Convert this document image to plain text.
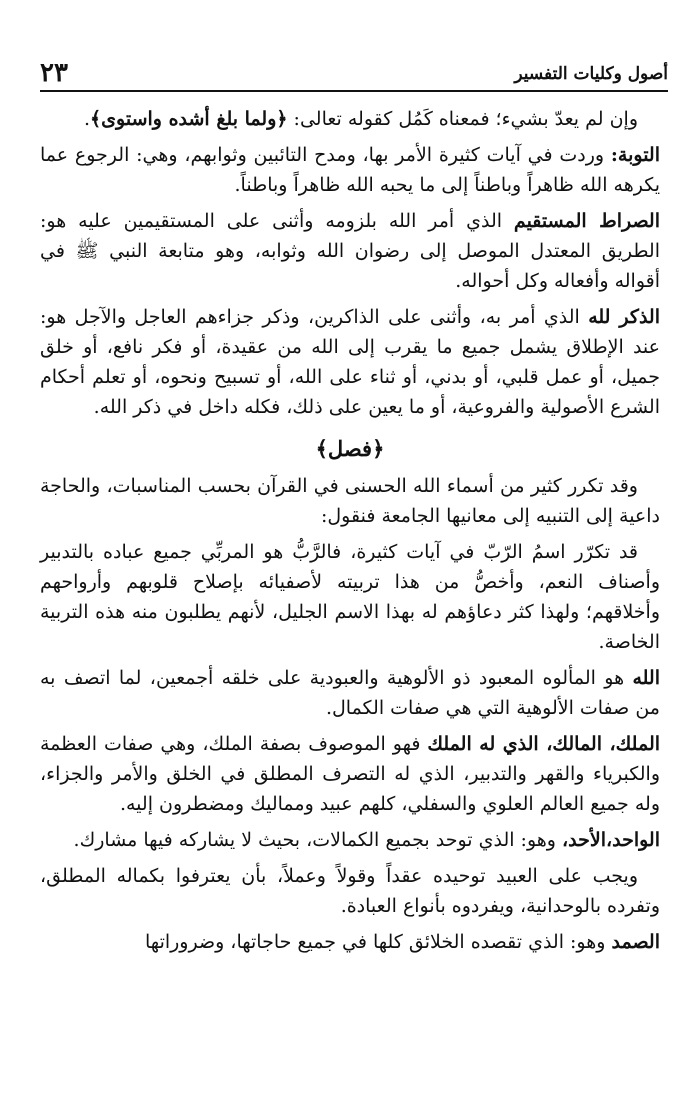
أصول وكليات التفسير
٢٣

وإن لم يعدّ بشيء؛ فمعناه كَمُل كقوله تعالى: ﴿ولما بلغ أشده واستوى﴾.

التوبة: وردت في آيات كثيرة الأمر بها، ومدح التائبين وثوابهم، وهي: الرجوع عما يكرهه الله ظاهراً وباطناً إلى ما يحبه الله ظاهراً وباطناً.

الصراط المستقيم الذي أمر الله بلزومه وأثنى على المستقيمين عليه هو: الطريق المعتدل الموصل إلى رضوان الله وثوابه، وهو متابعة النبي ﷺ في أقواله وأفعاله وكل أحواله.

الذكر لله الذي أمر به، وأثنى على الذاكرين، وذكر جزاءهم العاجل والآجل هو: عند الإطلاق يشمل جميع ما يقرب إلى الله من عقيدة، أو فكر نافع، أو خلق جميل، أو عمل قلبي، أو بدني، أو ثناء على الله، أو تسبيح ونحوه، أو تعلم أحكام الشرع الأصولية والفروعية، أو ما يعين على ذلك، فكله داخل في ذكر الله.

﴿فصل﴾

وقد تكرر كثير من أسماء الله الحسنى في القرآن بحسب المناسبات، والحاجة داعية إلى التنبيه إلى معانيها الجامعة فنقول:

قد تكرّر اسمُ الرّبّ في آيات كثيرة، فالرَّبُّ هو المربِّي جميع عباده بالتدبير وأصناف النعم، وأخصُّ من هذا تربيته لأصفيائه بإصلاح قلوبهم وأرواحهم وأخلاقهم؛ ولهذا كثر دعاؤهم له بهذا الاسم الجليل، لأنهم يطلبون منه هذه التربية الخاصة.

الله هو المألوه المعبود ذو الألوهية والعبودية على خلقه أجمعين، لما اتصف به من صفات الألوهية التي هي صفات الكمال.

الملك، المالك، الذي له الملك فهو الموصوف بصفة الملك، وهي صفات العظمة والكبرياء والقهر والتدبير، الذي له التصرف المطلق في الخلق والأمر والجزاء، وله جميع العالم العلوي والسفلي، كلهم عبيد ومماليك ومضطرون إليه.

الواحد،الأحد، وهو: الذي توحد بجميع الكمالات، بحيث لا يشاركه فيها مشارك.

ويجب على العبيد توحيده عقداً وقولاً وعملاً، بأن يعترفوا بكماله المطلق، وتفرده بالوحدانية، ويفردوه بأنواع العبادة.

الصمد وهو: الذي تقصده الخلائق كلها في جميع حاجاتها، وضروراتها
